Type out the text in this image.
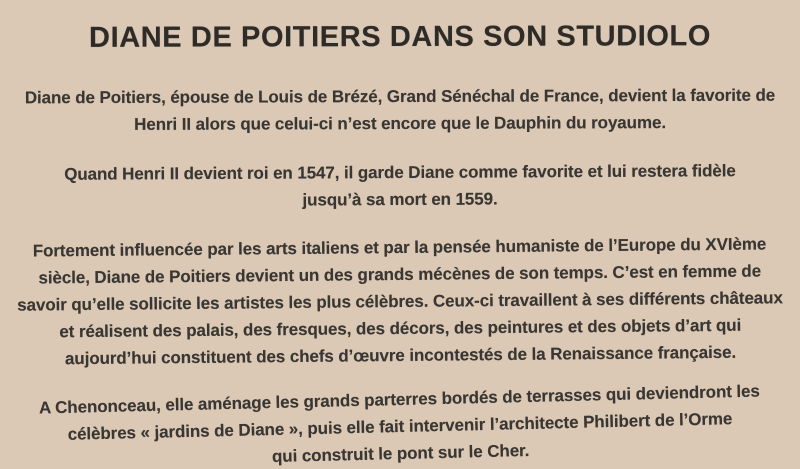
DIANE DE POITIERS DANS SON STUDIOLO
Diane de Poitiers, épouse de Louis de Brézé, Grand Sénéchal de France, devient la favorite de
Henri II alors que celui-ci n’est encore que le Dauphin du royaume.
Quand Henri II devient roi en 1547, il garde Diane comme favorite et lui restera fidèle
jusqu’à sa mort en 1559.
Fortement influencée par les arts italiens et par la pensée humaniste de l’Europe du XVIème
siècle, Diane de Poitiers devient un des grands mécènes de son temps. C’est en femme de
savoir qu’elle sollicite les artistes les plus célèbres. Ceux-ci travaillent à ses différents châteaux
et réalisent des palais, des fresques, des décors, des peintures et des objets d’art qui
aujourd’hui constituent des chefs d’œuvre incontestés de la Renaissance française.
A Chenonceau, elle aménage les grands parterres bordés de terrasses qui deviendront les
célèbres « jardins de Diane », puis elle fait intervenir l’architecte Philibert de l’Orme
qui construit le pont sur le Cher.
